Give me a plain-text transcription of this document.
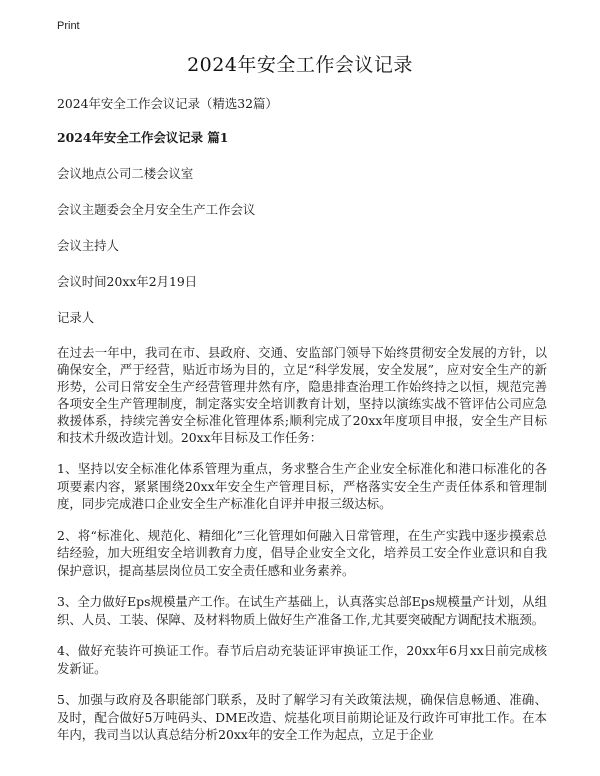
Print
2024年安全工作会议记录

2024年安全工作会议记录（精选32篇）

2024年安全工作会议记录 篇1

会议地点公司二楼会议室

会议主题委会全月安全生产工作会议

会议主持人

会议时间20xx年2月19日

记录人

在过去一年中，我司在市、县政府、交通、安监部门领导下始终贯彻安全发展的方针，以确保安全，严于经营，贴近市场为目的，立足“科学发展，安全发展”，应对安全生产的新形势，公司日常安全生产经营管理井然有序，隐患排查治理工作始终持之以恒，规范完善各项安全生产管理制度，制定落实安全培训教育计划，坚持以演练实战不管评估公司应急救援体系，持续完善安全标准化管理体系;顺利完成了20xx年度项目申报，安全生产目标和技术升级改造计划。20xx年目标及工作任务：

1、坚持以安全标准化体系管理为重点，务求整合生产企业安全标准化和港口标准化的各项要素内容，紧紧围绕20xx年安全生产管理目标，严格落实安全生产责任体系和管理制度，同步完成港口企业安全生产标准化自评并申报三级达标。

2、将“标准化、规范化、精细化”三化管理如何融入日常管理，在生产实践中逐步摸索总结经验，加大班组安全培训教育力度，倡导企业安全文化，培养员工安全作业意识和自我保护意识，提高基层岗位员工安全责任感和业务素养。

3、全力做好Eps规模量产工作。在试生产基础上，认真落实总部Eps规模量产计划，从组织、人员、工装、保障、及材料物质上做好生产准备工作,尤其要突破配方调配技术瓶颈。

4、做好充装许可换证工作。春节后启动充装证评审换证工作，20xx年6月xx日前完成核发新证。

5、加强与政府及各职能部门联系，及时了解学习有关政策法规，确保信息畅通、准确、及时，配合做好5万吨码头、DME改造、烷基化项目前期论证及行政许可审批工作。在本年内，我司当以认真总结分析20xx年的安全工作为起点，立足于企业
